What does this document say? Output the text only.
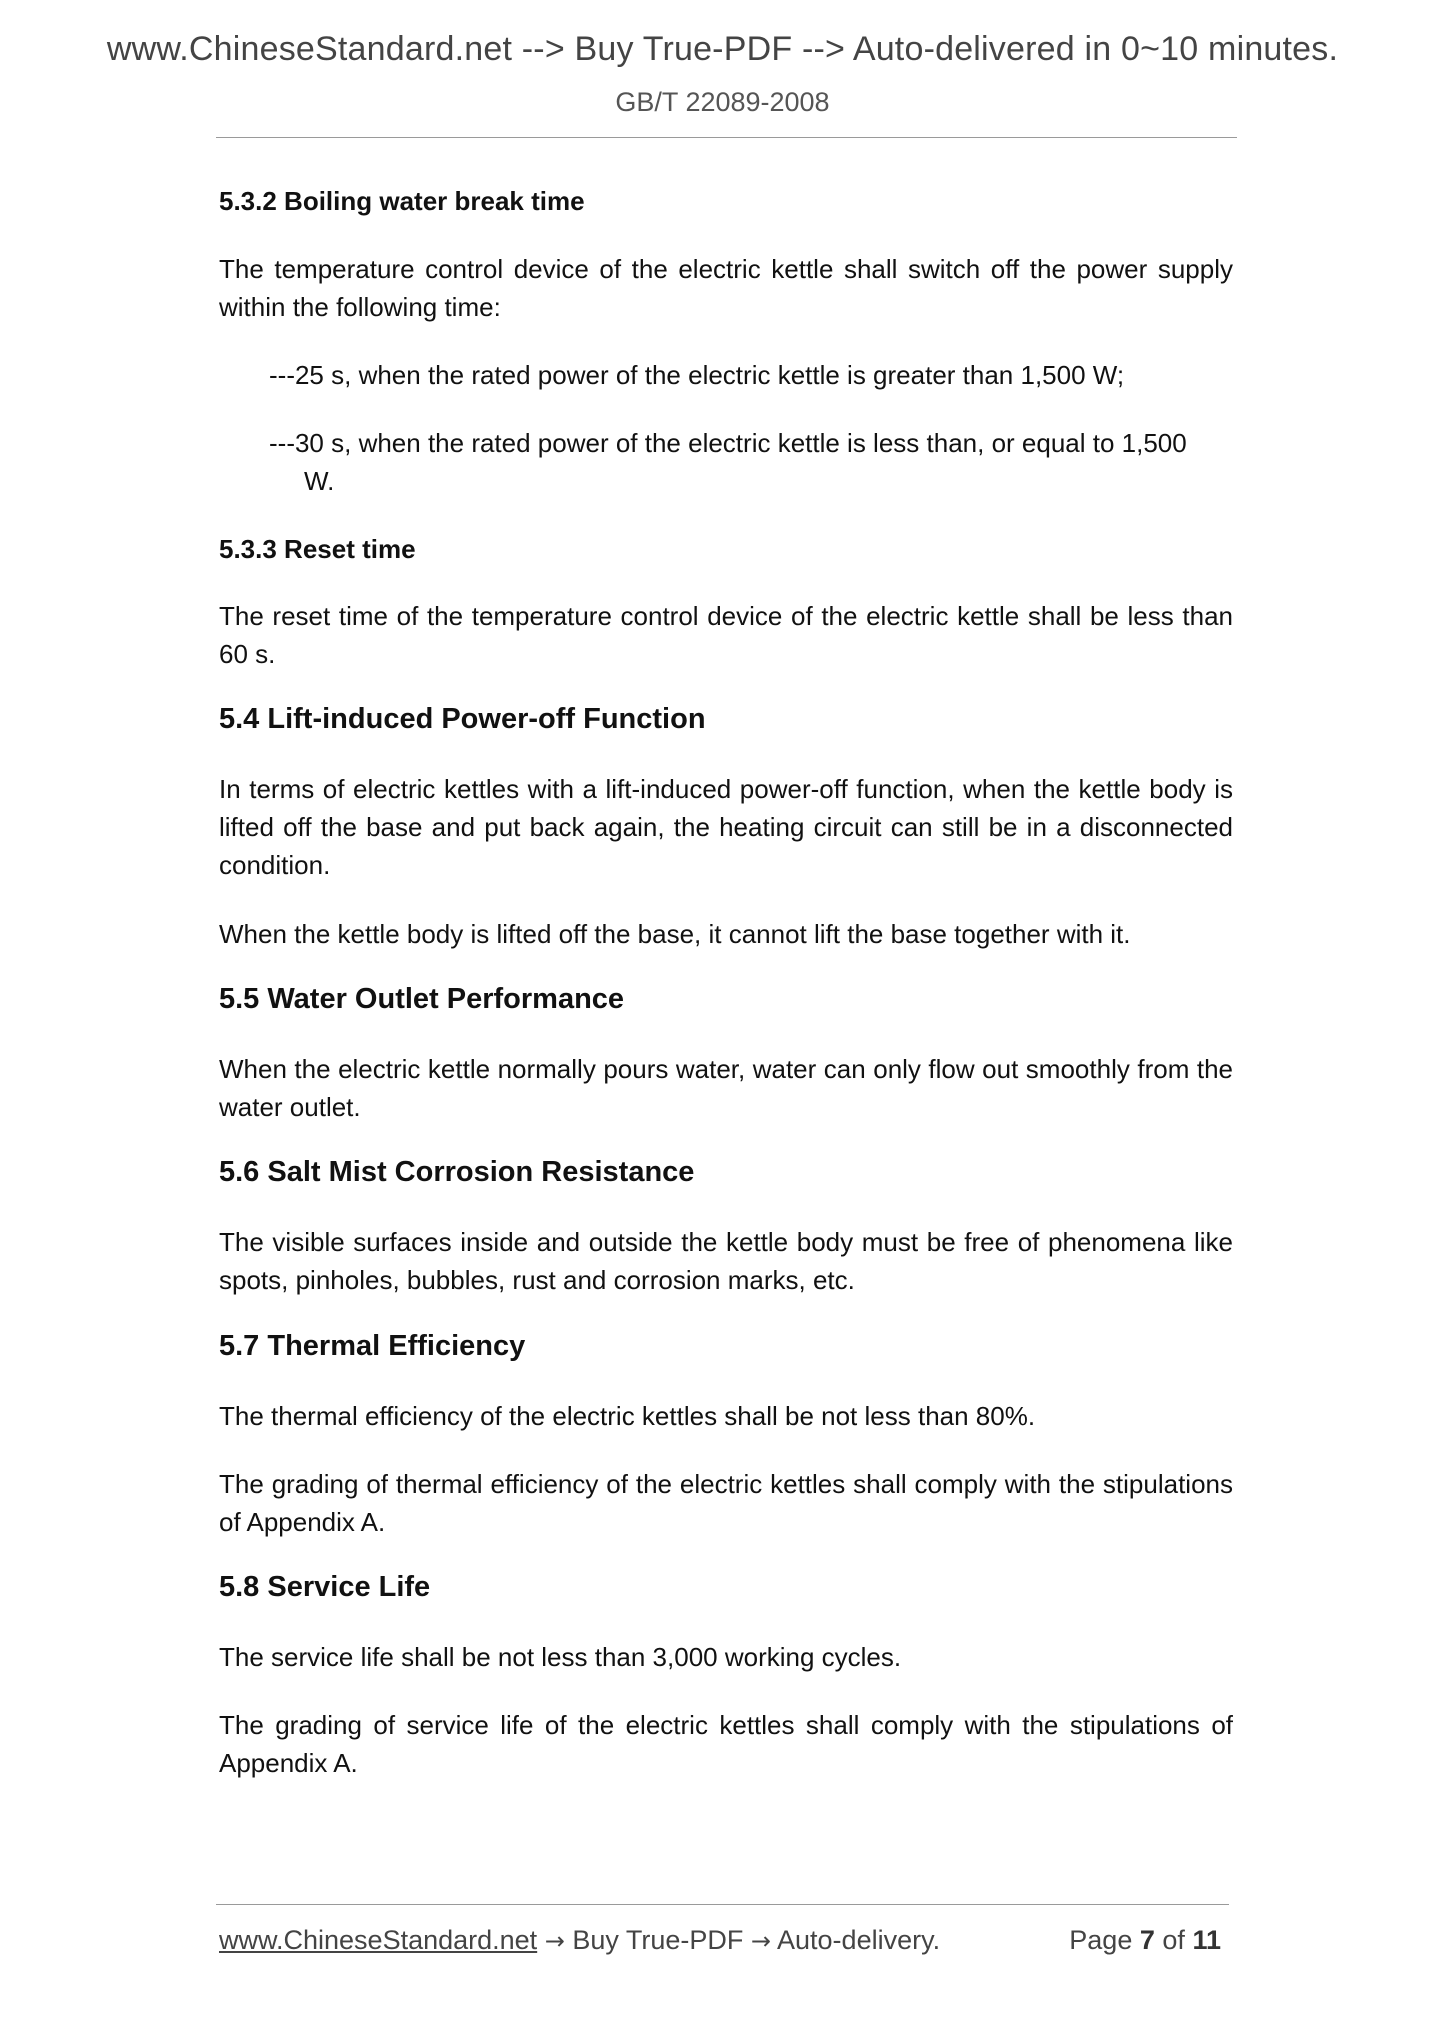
www.ChineseStandard.net --> Buy True-PDF --> Auto-delivered in 0~10 minutes.
GB/T 22089-2008
5.3.2 Boiling water break time
The temperature control device of the electric kettle shall switch off the power supply within the following time:
---25 s, when the rated power of the electric kettle is greater than 1,500 W;
---30 s, when the rated power of the electric kettle is less than, or equal to 1,500
W.
5.3.3 Reset time
The reset time of the temperature control device of the electric kettle shall be less than 60 s.
5.4 Lift-induced Power-off Function
In terms of electric kettles with a lift-induced power-off function, when the kettle body is lifted off the base and put back again, the heating circuit can still be in a disconnected condition.
When the kettle body is lifted off the base, it cannot lift the base together with it.
5.5 Water Outlet Performance
When the electric kettle normally pours water, water can only flow out smoothly from the water outlet.
5.6 Salt Mist Corrosion Resistance
The visible surfaces inside and outside the kettle body must be free of phenomena like spots, pinholes, bubbles, rust and corrosion marks, etc.
5.7 Thermal Efficiency
The thermal efficiency of the electric kettles shall be not less than 80%.
The grading of thermal efficiency of the electric kettles shall comply with the stipulations of Appendix A.
5.8 Service Life
The service life shall be not less than 3,000 working cycles.
The grading of service life of the electric kettles shall comply with the stipulations of Appendix A.
www.ChineseStandard.net → Buy True-PDF → Auto-delivery.	Page 7 of 11
